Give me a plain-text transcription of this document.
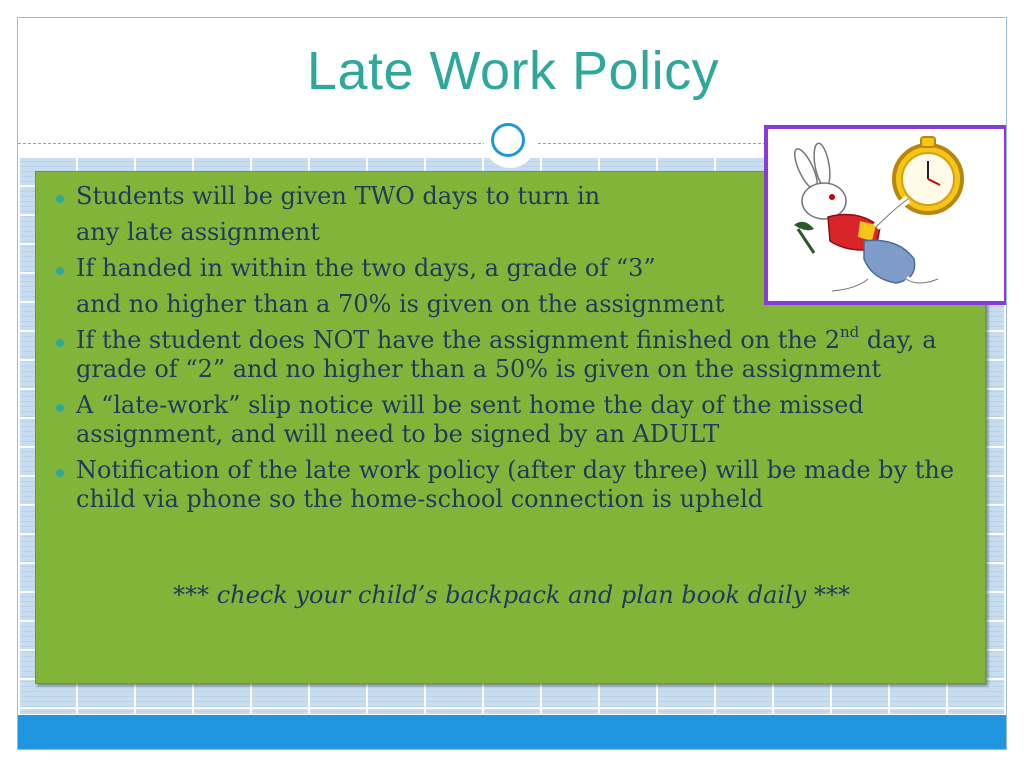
Late Work Policy
Students will be given TWO days to turn in
any late assignment
If handed in within the two days, a grade of “3”
and no higher than a 70% is given on the assignment
If the student does NOT have the assignment finished on the 2nd day, a grade of “2” and no higher than a 50% is given on the assignment
A “late-work” slip notice will be sent home the day of the missed assignment, and will need to be signed by an ADULT
Notification of the late work policy (after day three) will be made by the child via phone so the home-school connection is upheld
*** check your child’s backpack and plan book daily ***
